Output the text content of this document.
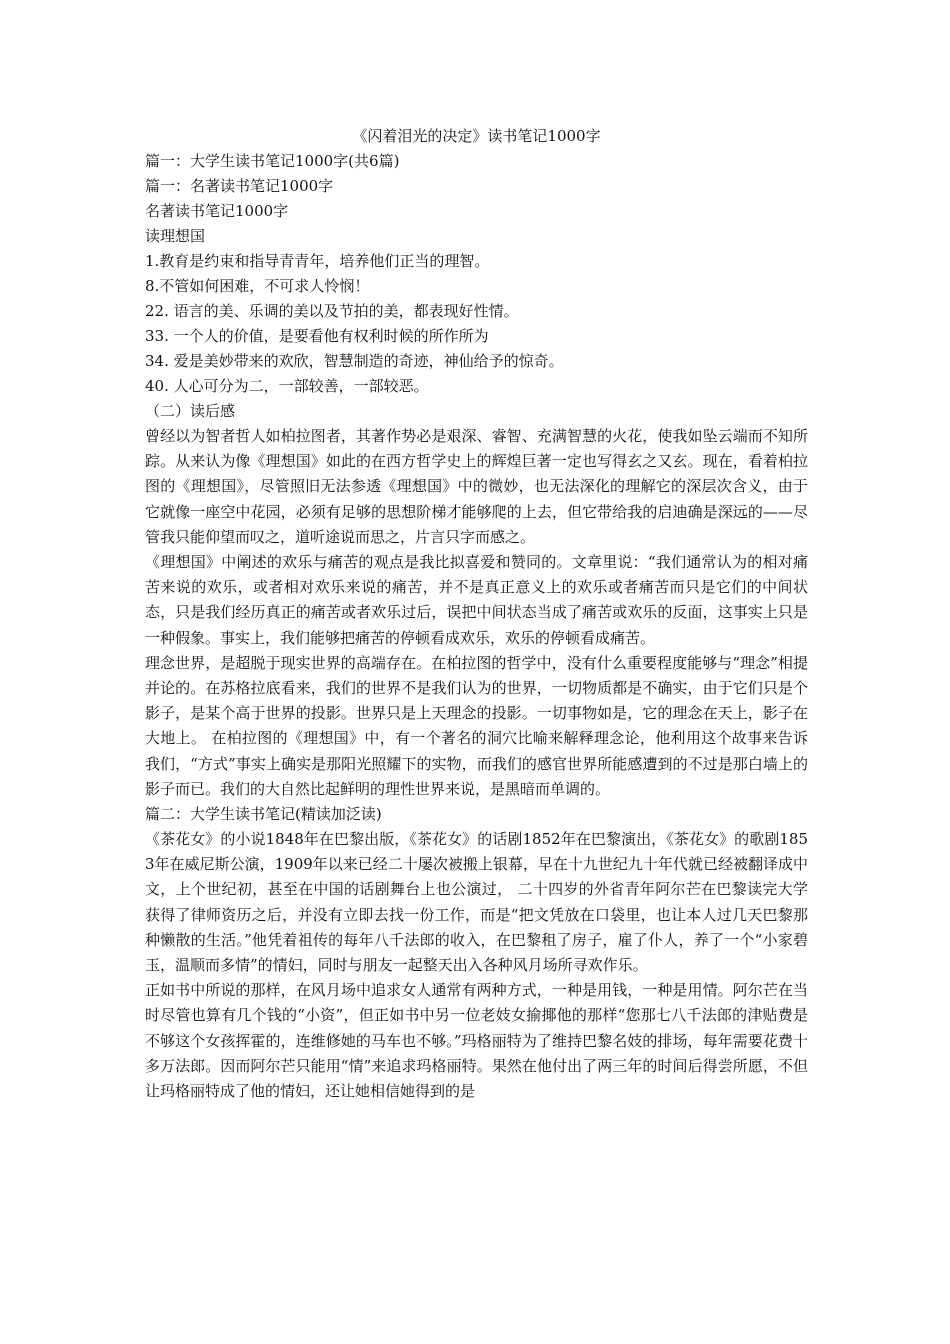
《闪着泪光的决定》读书笔记1000字

篇一：大学生读书笔记1000字(共6篇)

篇一：名著读书笔记1000字

名著读书笔记1000字

读理想国

1.教育是约束和指导青青年，培养他们正当的理智。

8.不管如何困难，不可求人怜悯！

22. 语言的美、乐调的美以及节拍的美，都表现好性情。

33. 一个人的价值，是要看他有权利时候的所作所为

34. 爱是美妙带来的欢欣，智慧制造的奇迹，神仙给予的惊奇。

40. 人心可分为二，一部较善，一部较恶。

（二）读后感

曾经以为智者哲人如柏拉图者，其著作势必是艰深、睿智、充满智慧的火花，使我如坠云端而不知所踪。从来认为像《理想国》如此的在西方哲学史上的辉煌巨著一定也写得玄之又玄。现在，看着柏拉图的《理想国》，尽管照旧无法参透《理想国》中的微妙，也无法深化的理解它的深层次含义，由于它就像一座空中花园，必须有足够的思想阶梯才能够爬的上去，但它带给我的启迪确是深远的——尽管我只能仰望而叹之，道听途说而思之，片言只字而感之。

《理想国》中阐述的欢乐与痛苦的观点是我比拟喜爱和赞同的。文章里说：“我们通常认为的相对痛苦来说的欢乐，或者相对欢乐来说的痛苦，并不是真正意义上的欢乐或者痛苦而只是它们的中间状态，只是我们经历真正的痛苦或者欢乐过后，误把中间状态当成了痛苦或欢乐的反面，这事实上只是一种假象。事实上，我们能够把痛苦的停顿看成欢乐，欢乐的停顿看成痛苦。

理念世界，是超脱于现实世界的高端存在。在柏拉图的哲学中，没有什么重要程度能够与“理念”相提并论的。在苏格拉底看来，我们的世界不是我们认为的世界，一切物质都是不确实，由于它们只是个影子，是某个高于世界的投影。世界只是上天理念的投影。一切事物如是，它的理念在天上，影子在大地上。 在柏拉图的《理想国》中，有一个著名的洞穴比喻来解释理念论，他利用这个故事来告诉我们，“方式”事实上确实是那阳光照耀下的实物，而我们的感官世界所能感遭到的不过是那白墙上的影子而已。我们的大自然比起鲜明的理性世界来说，是黑暗而单调的。

篇二：大学生读书笔记(精读加泛读)

《茶花女》的小说1848年在巴黎出版，《茶花女》的话剧1852年在巴黎演出，《茶花女》的歌剧1853年在威尼斯公演，1909年以来已经二十屡次被搬上银幕，早在十九世纪九十年代就已经被翻译成中文，上个世纪初，甚至在中国的话剧舞台上也公演过， 二十四岁的外省青年阿尔芒在巴黎读完大学获得了律师资历之后，并没有立即去找一份工作，而是“把文凭放在口袋里，也让本人过几天巴黎那种懒散的生活。”他凭着祖传的每年八千法郎的收入，在巴黎租了房子，雇了仆人，养了一个“小家碧玉，温顺而多情”的情妇，同时与朋友一起整天出入各种风月场所寻欢作乐。

正如书中所说的那样，在风月场中追求女人通常有两种方式，一种是用钱，一种是用情。阿尔芒在当时尽管也算有几个钱的“小资”，但正如书中另一位老妓女揄揶他的那样“您那七八千法郎的津贴费是不够这个女孩挥霍的，连维修她的马车也不够。”玛格丽特为了维持巴黎名妓的排场，每年需要花费十多万法郎。因而阿尔芒只能用“情”来追求玛格丽特。果然在他付出了两三年的时间后得尝所愿，不但让玛格丽特成了他的情妇，还让她相信她得到的是
